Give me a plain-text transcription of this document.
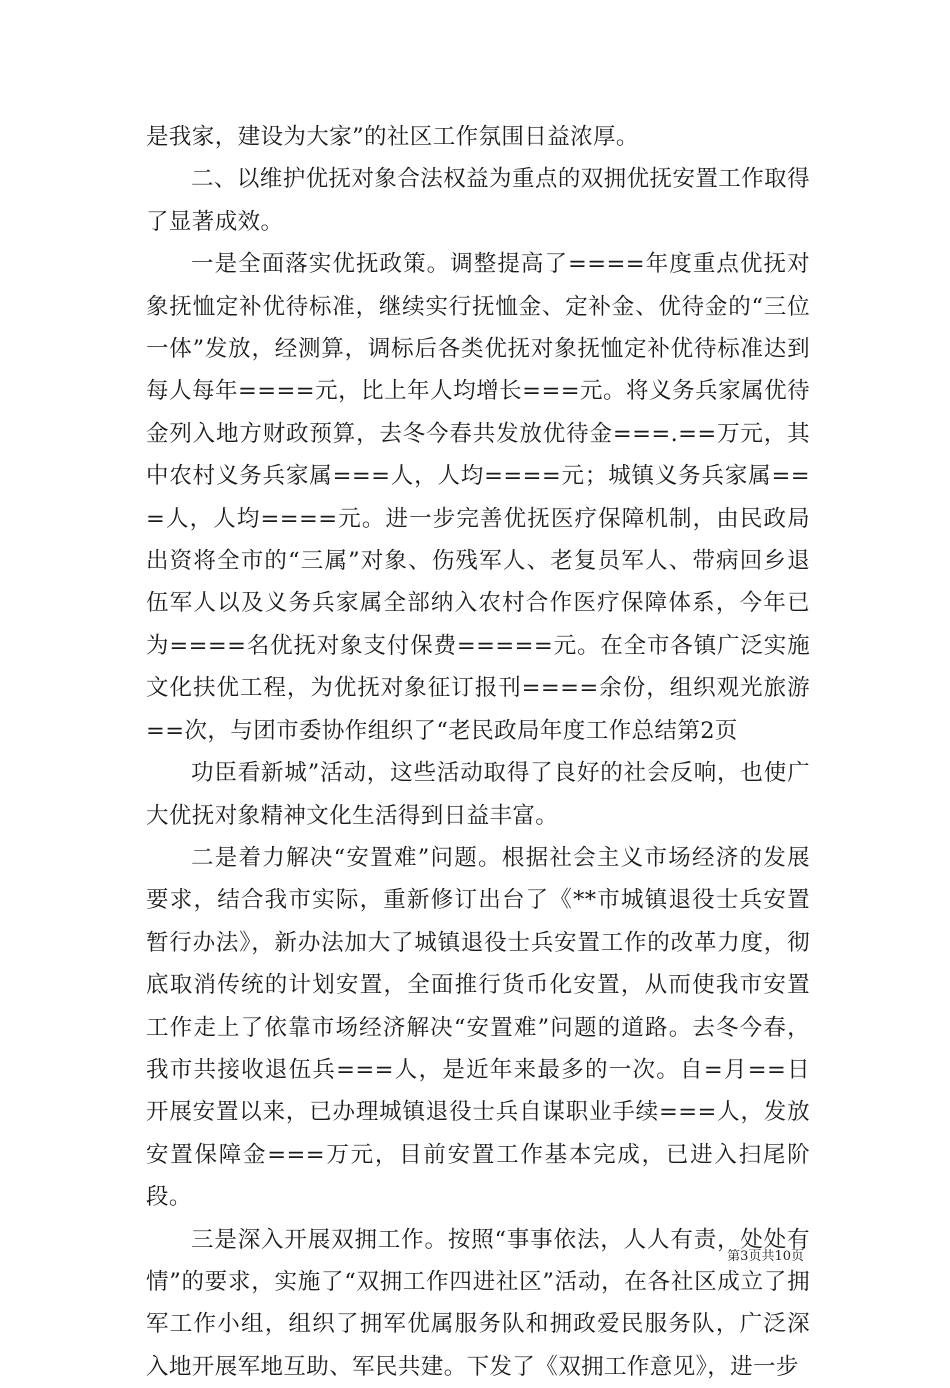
是我家，建设为大家”的社区工作氛围日益浓厚。

二、以维护优抚对象合法权益为重点的双拥优抚安置工作取得了显著成效。

一是全面落实优抚政策。调整提高了====年度重点优抚对象抚恤定补优待标准，继续实行抚恤金、定补金、优待金的“三位一体”发放，经测算，调标后各类优抚对象抚恤定补优待标准达到每人每年====元，比上年人均增长===元。将义务兵家属优待金列入地方财政预算，去冬今春共发放优待金===.==万元，其中农村义务兵家属===人，人均====元；城镇义务兵家属===人，人均====元。进一步完善优抚医疗保障机制，由民政局出资将全市的“三属”对象、伤残军人、老复员军人、带病回乡退伍军人以及义务兵家属全部纳入农村合作医疗保障体系，今年已为====名优抚对象支付保费=====元。在全市各镇广泛实施文化扶优工程，为优抚对象征订报刊====余份，组织观光旅游==次，与团市委协作组织了“老民政局年度工作总结第2页

功臣看新城”活动，这些活动取得了良好的社会反响，也使广大优抚对象精神文化生活得到日益丰富。

二是着力解决“安置难”问题。根据社会主义市场经济的发展要求，结合我市实际，重新修订出台了《**市城镇退役士兵安置暂行办法》，新办法加大了城镇退役士兵安置工作的改革力度，彻底取消传统的计划安置，全面推行货币化安置，从而使我市安置工作走上了依靠市场经济解决“安置难”问题的道路。去冬今春，我市共接收退伍兵===人，是近年来最多的一次。自=月==日开展安置以来，已办理城镇退役士兵自谋职业手续===人，发放安置保障金===万元，目前安置工作基本完成，已进入扫尾阶段。

三是深入开展双拥工作。按照“事事依法，人人有责，处处有情”的要求，实施了“双拥工作四进社区”活动，在各社区成立了拥军工作小组，组织了拥军优属服务队和拥政爱民服务队，广泛深入地开展军地互助、军民共建。下发了《双拥工作意见》，进一步

第3页共10页
